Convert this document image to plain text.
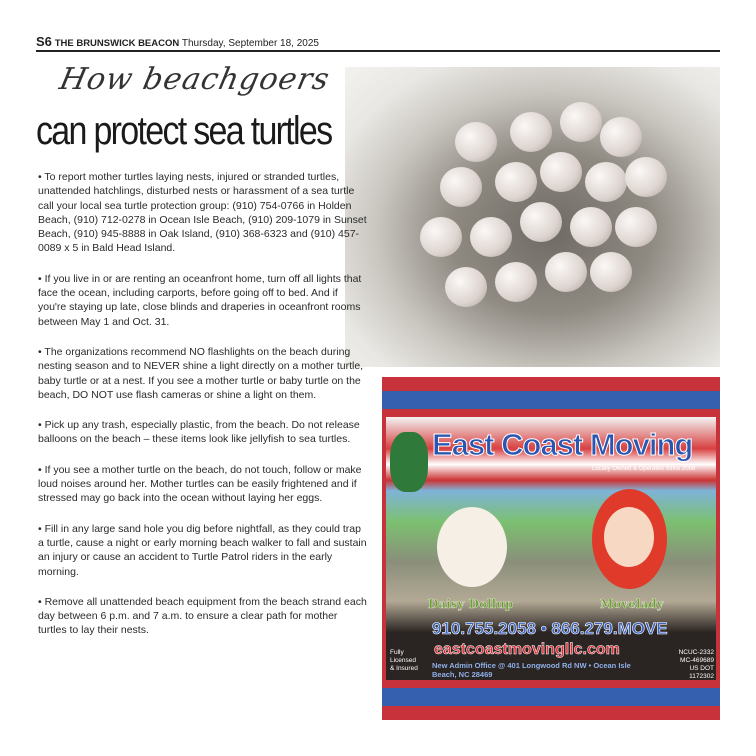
S6 THE BRUNSWICK BEACON Thursday, September 18, 2025
How beachgoers
can protect sea turtles

• To report mother turtles laying nests, injured or stranded turtles, unattended hatchlings, disturbed nests or harassment of a sea turtle call your local sea turtle protection group: (910) 754-0766 in Holden Beach, (910) 712-0278 in Ocean Isle Beach, (910) 209-1079 in Sunset Beach, (910) 945-8888 in Oak Island, (910) 368-6323 and (910) 457-0089 x 5 in Bald Head Island.

• If you live in or are renting an oceanfront home, turn off all lights that face the ocean, including carports, before going off to bed. And if you're staying up late, close blinds and draperies in oceanfront rooms between May 1 and Oct. 31.

• The organizations recommend NO flashlights on the beach during nesting season and to NEVER shine a light directly on a mother turtle, baby turtle or at a nest. If you see a mother turtle or baby turtle on the beach, DO NOT use flash cameras or shine a light on them.

• Pick up any trash, especially plastic, from the beach. Do not release balloons on the beach – these items look like jellyfish to sea turtles.

• If you see a mother turtle on the beach, do not touch, follow or make loud noises around her. Mother turtles can be easily frightened and if stressed may go back into the ocean without laying her eggs.

• Fill in any large sand hole you dig before nightfall, as they could trap a turtle, cause a night or early morning beach walker to fall and sustain an injury or cause an accident to Turtle Patrol riders in the early morning.

• Remove all unattended beach equipment from the beach strand each day between 6 p.m. and 7 a.m. to ensure a clear path for mother turtles to lay their nests.

East Coast Moving
Locally Owned & Operated Since 2008
Daisy Dollup	Movelady
910.755.2058 • 866.279.MOVE
eastcoastmovingllc.com
New Admin Office @ 401 Longwood Rd NW • Ocean Isle Beach, NC 28469
Fully
Licensed
& Insured
NCUC-2332
MC-469689
US DOT 1172302
